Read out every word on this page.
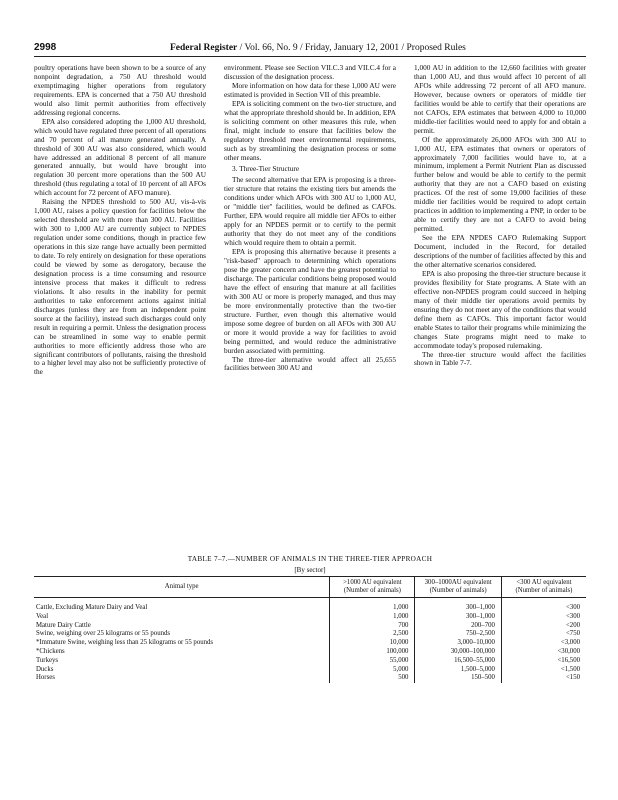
2998	Federal Register / Vol. 66, No. 9 / Friday, January 12, 2001 / Proposed Rules

poultry operations have been shown to be a source of any nonpoint degradation, a 750 AU threshold would exemptimaging higher operations from regulatory requirements. EPA is concerned that a 750 AU threshold would also limit permit authorities from effectively addressing regional concerns.

EPA also considered adopting the 1,000 AU threshold, which would have regulated three percent of all operations and 70 percent of all manure generated annually. A threshold of 300 AU was also considered, which would have addressed an additional 8 percent of all manure generated annually, but would have brought into regulation 30 percent more operations than the 500 AU threshold (thus regulating a total of 10 percent of all AFOs which account for 72 percent of AFO manure).

Raising the NPDES threshold to 500 AU, vis-à-vis 1,000 AU, raises a policy question for facilities below the selected threshold are with more than 300 AU. Facilities with 300 to 1,000 AU are currently subject to NPDES regulation under some conditions, though in practice few operations in this size range have actually been permitted to date. To rely entirely on designation for these operations could be viewed by some as derogatory, because the designation process is a time consuming and resource intensive process that makes it difficult to redress violations. It also results in the inability for permit authorities to take enforcement actions against initial discharges (unless they are from an independent point source at the facility), instead such discharges could only result in requiring a permit. Unless the designation process can be streamlined in some way to enable permit authorities to more efficiently address those who are significant contributors of pollutants, raising the threshold to a higher level may also not be sufficiently protective of the

environment. Please see Section VII.C.3 and VII.C.4 for a discussion of the designation process.

More information on how data for these 1,000 AU were estimated is provided in Section VII of this preamble.

EPA is soliciting comment on the two-tier structure, and what the appropriate threshold should be. In addition, EPA is soliciting comment on other measures this rule, when final, might include to ensure that facilities below the regulatory threshold meet environmental requirements, such as by streamlining the designation process or some other means.

3. Three-Tier Structure

The second alternative that EPA is proposing is a three-tier structure that retains the existing tiers but amends the conditions under which AFOs with 300 AU to 1,000 AU, or "middle tier" facilities, would be defined as CAFOs. Further, EPA would require all middle tier AFOs to either apply for an NPDES permit or to certify to the permit authority that they do not meet any of the conditions which would require them to obtain a permit.

EPA is proposing this alternative because it presents a "risk-based" approach to determining which operations pose the greater concern and have the greatest potential to discharge. The particular conditions being proposed would have the effect of ensuring that manure at all facilities with 300 AU or more is properly managed, and thus may be more environmentally protective than the two-tier structure. Further, even though this alternative would impose some degree of burden on all AFOs with 300 AU or more it would provide a way for facilities to avoid being permitted, and would reduce the administrative burden associated with permitting.

The three-tier alternative would affect all 25,655 facilities between 300 AU and

1,000 AU in addition to the 12,660 facilities with greater than 1,000 AU, and thus would affect 10 percent of all AFOs while addressing 72 percent of all AFO manure. However, because owners or operators of middle tier facilities would be able to certify that their operations are not CAFOs, EPA estimates that between 4,000 to 10,000 middle-tier facilities would need to apply for and obtain a permit.

Of the approximately 26,000 AFOs with 300 AU to 1,000 AU, EPA estimates that owners or operators of approximately 7,000 facilities would have to, at a minimum, implement a Permit Nutrient Plan as discussed further below and would be able to certify to the permit authority that they are not a CAFO based on existing practices. Of the rest of some 19,000 facilities of these middle tier facilities would be required to adopt certain practices in addition to implementing a PNP, in order to be able to certify they are not a CAFO to avoid being permitted.

See the EPA NPDES CAFO Rulemaking Support Document, included in the Record, for detailed descriptions of the number of facilities affected by this and the other alternative scenarios considered.

EPA is also proposing the three-tier structure because it provides flexibility for State programs. A State with an effective non-NPDES program could succeed in helping many of their middle tier operations avoid permits by ensuring they do not meet any of the conditions that would define them as CAFOs. This important factor would enable States to tailor their programs while minimizing the changes State programs might need to make to accommodate today's proposed rulemaking.

The three-tier structure would affect the facilities shown in Table 7-7.

TABLE 7–7.—NUMBER OF ANIMALS IN THE THREE-TIER APPROACH
[By sector]
Animal type	>1000 AU equivalent (Number of animals)	300–1000AU equivalent (Number of animals)	<300 AU equivalent (Number of animals)

Cattle, Excluding Mature Dairy and Veal	1,000	300–1,000	<300
Veal	1,000	300–1,000	<300
Mature Dairy Cattle	700	200–700	<200
Swine, weighing over 25 kilograms or 55 pounds	2,500	750–2,500	<750
*Immature Swine, weighing less than 25 kilograms or 55 pounds	10,000	3,000–10,000	<3,000
*Chickens	100,000	30,000–100,000	<30,000
Turkeys	55,000	16,500–55,000	<16,500
Ducks	5,000	1,500–5,000	<1,500
Horses	500	150–500	<150
